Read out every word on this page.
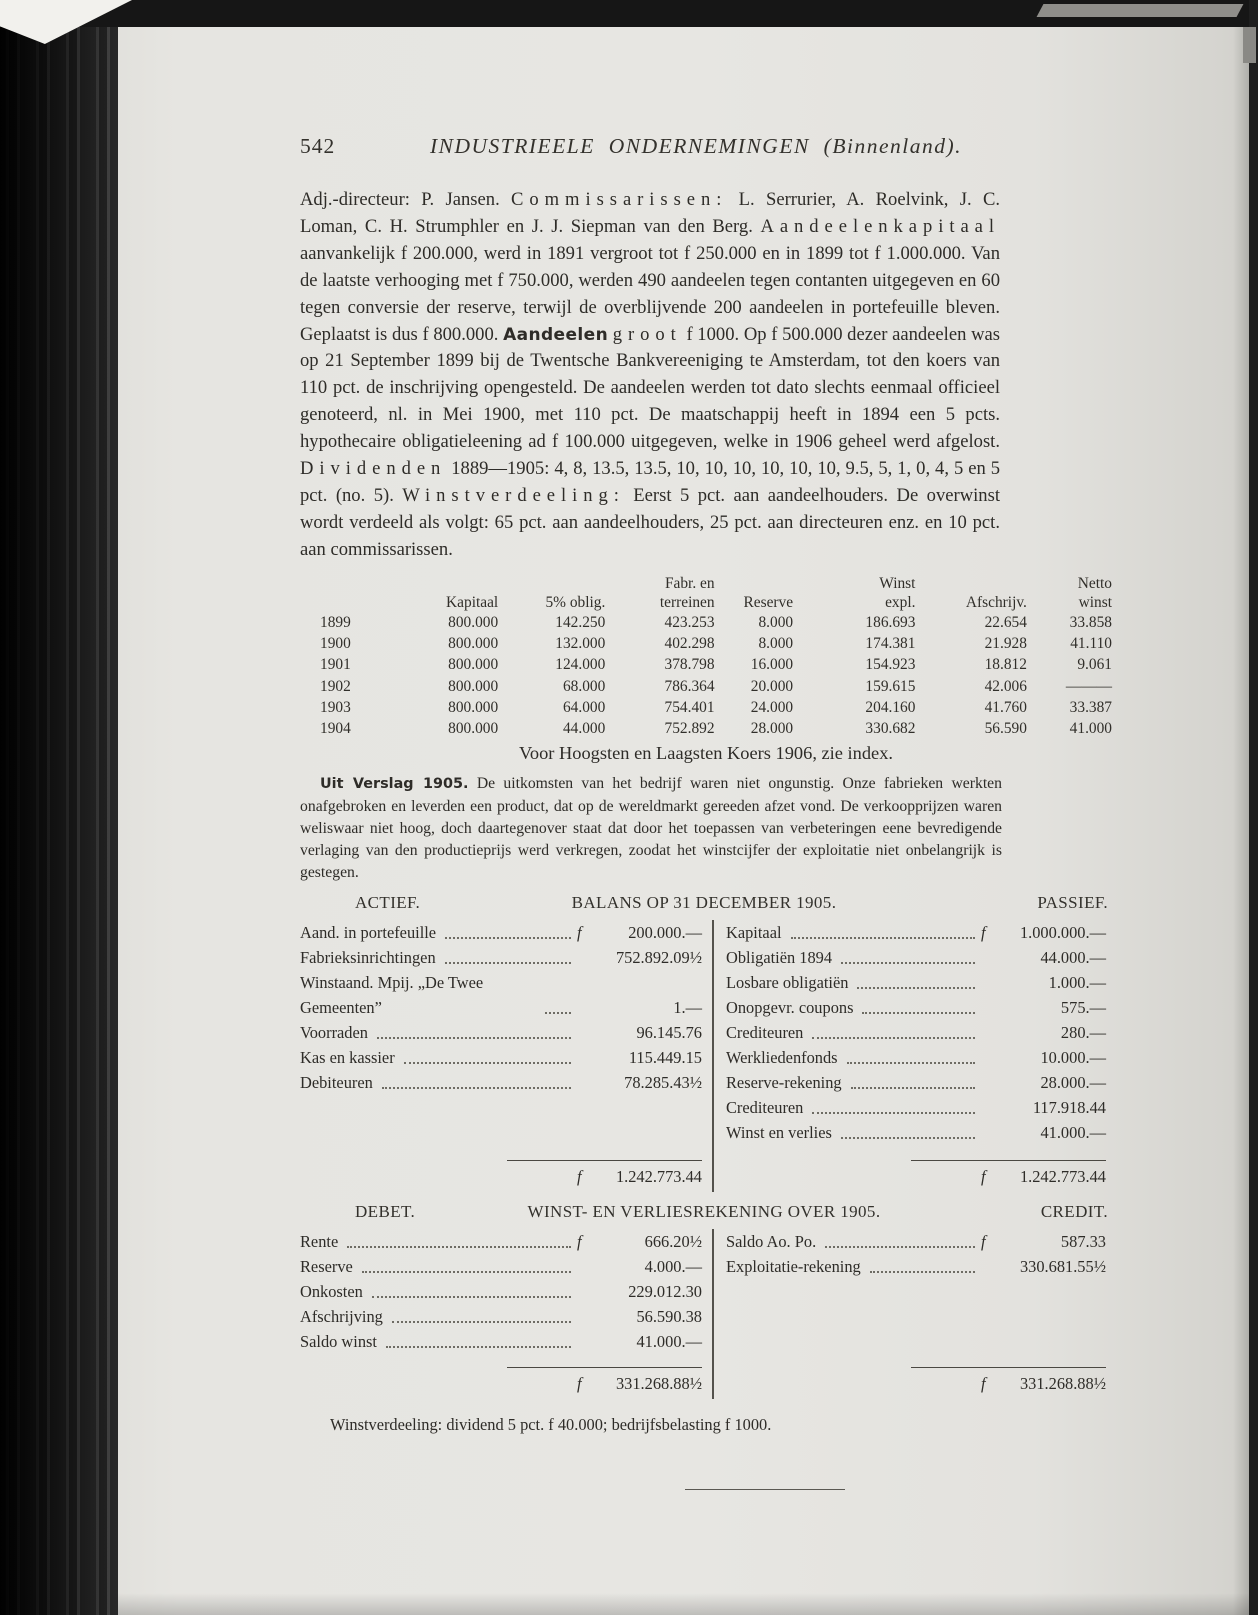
542	INDUSTRIEELE ONDERNEMINGEN (Binnenland).

Adj.-directeur: P. Jansen. Commissarissen: L. Serrurier, A. Roelvink, J. C. Loman, C. H. Strumphler en J. J. Siepman van den Berg. Aandeelenkapitaal aanvankelijk f 200.000, werd in 1891 vergroot tot f 250.000 en in 1899 tot f 1.000.000. Van de laatste verhooging met f 750.000, werden 490 aandeelen tegen contanten uitgegeven en 60 tegen conversie der reserve, terwijl de overblijvende 200 aandeelen in portefeuille bleven. Geplaatst is dus f 800.000. Aandeelen groot f 1000. Op f 500.000 dezer aandeelen was op 21 September 1899 bij de Twentsche Bankvereeniging te Amsterdam, tot den koers van 110 pct. de inschrijving opengesteld. De aandeelen werden tot dato slechts eenmaal officieel genoteerd, nl. in Mei 1900, met 110 pct. De maatschappij heeft in 1894 een 5 pcts. hypothecaire obligatieleening ad f 100.000 uitgegeven, welke in 1906 geheel werd afgelost. Dividenden 1889—1905: 4, 8, 13.5, 13.5, 10, 10, 10, 10, 10, 10, 9.5, 5, 1, 0, 4, 5 en 5 pct. (no. 5). Winstverdeeling: Eerst 5 pct. aan aandeelhouders. De overwinst wordt verdeeld als volgt: 65 pct. aan aandeelhouders, 25 pct. aan directeuren enz. en 10 pct. aan commissarissen.

			Fabr. en		Winst		Netto
	Kapitaal	5% oblig.	terreinen	Reserve	expl.	Afschrijv.	winst
1899	800.000	142.250	423.253	8.000	186.693	22.654	33.858
1900	800.000	132.000	402.298	8.000	174.381	21.928	41.110
1901	800.000	124.000	378.798	16.000	154.923	18.812	9.061
1902	800.000	68.000	786.364	20.000	159.615	42.006	———
1903	800.000	64.000	754.401	24.000	204.160	41.760	33.387
1904	800.000	44.000	752.892	28.000	330.682	56.590	41.000
Voor Hoogsten en Laagsten Koers 1906, zie index.

Uit Verslag 1905. De uitkomsten van het bedrijf waren niet ongunstig. Onze fabrieken werkten onafgebroken en leverden een product, dat op de wereldmarkt gereeden afzet vond. De verkoopprijzen waren weliswaar niet hoog, doch daartegenover staat dat door het toepassen van verbeteringen eene bevredigende verlaging van den productieprijs werd verkregen, zoodat het winstcijfer der exploitatie niet onbelangrijk is gestegen.

ACTIEF.	BALANS OP 31 DECEMBER 1905.	PASSIEF.
Aand. in portefeuille	f	200.000.—
Fabrieksinrichtingen	752.892.09½
Winstaand. Mpij. „De Twee Gemeenten”	1.—
Voorraden	96.145.76
Kas en kassier	115.449.15
Debiteuren	78.285.43½
f	1.242.773.44
Kapitaal	f	1.000.000.—
Obligatiën 1894	44.000.—
Losbare obligatiën	1.000.—
Onopgevr. coupons	575.—
Crediteuren	280.—
Werkliedenfonds	10.000.—
Reserve-rekening	28.000.—
Crediteuren	117.918.44
Winst en verlies	41.000.—
f	1.242.773.44
DEBET.	WINST- EN VERLIESREKENING OVER 1905.	CREDIT.
Rente	f	666.20½
Reserve	4.000.—
Onkosten	229.012.30
Afschrijving	56.590.38
Saldo winst	41.000.—
f	331.268.88½
Saldo Ao. Po.	f	587.33
Exploitatie-rekening	330.681.55½
f	331.268.88½
Winstverdeeling: dividend 5 pct. f 40.000; bedrijfsbelasting f 1000.
